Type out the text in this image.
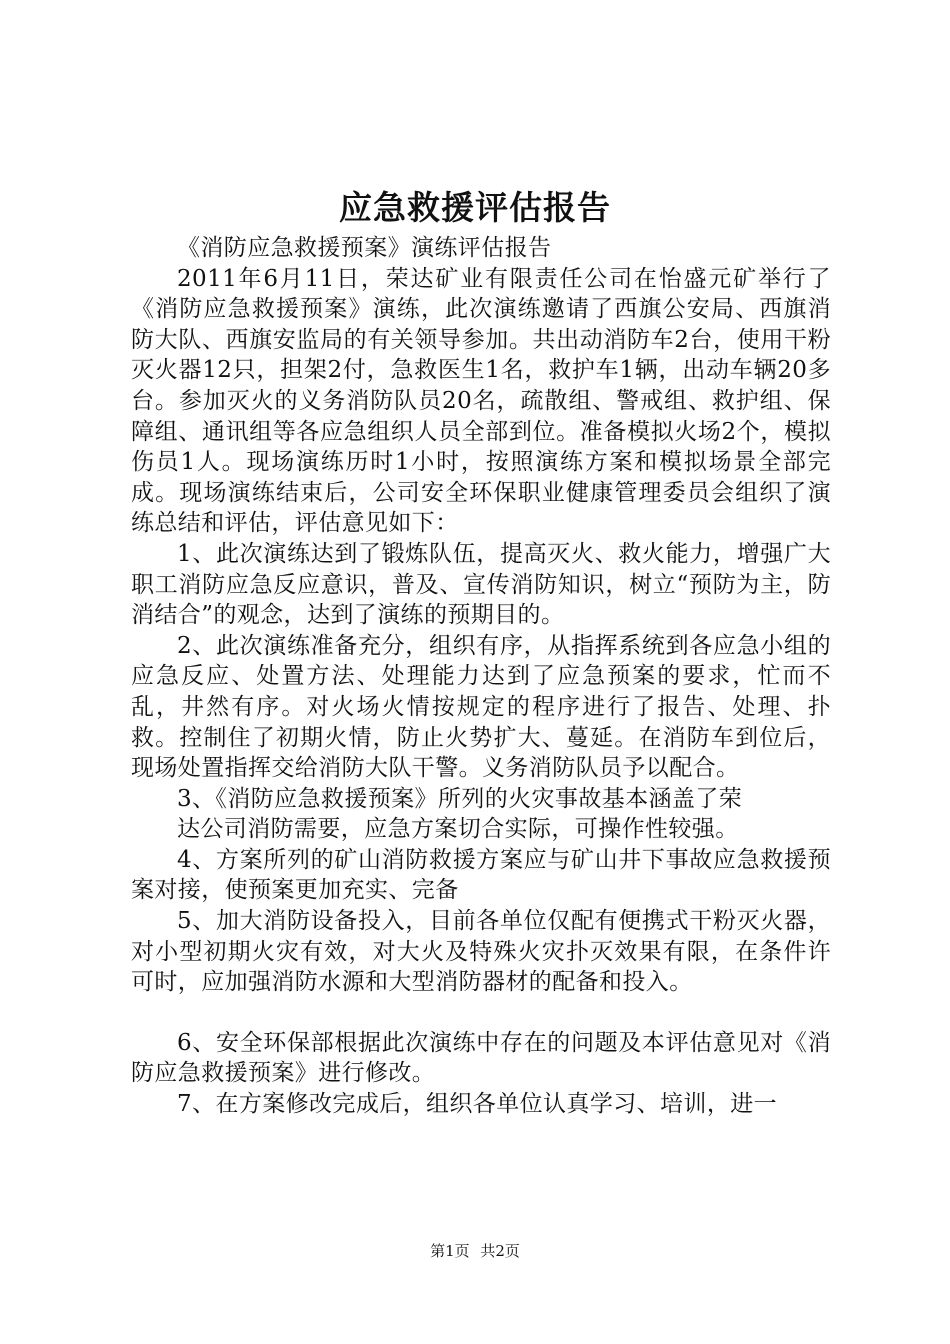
应急救援评估报告

《消防应急救援预案》演练评估报告

2011年6月11日，荣达矿业有限责任公司在怡盛元矿举行了《消防应急救援预案》演练，此次演练邀请了西旗公安局、西旗消防大队、西旗安监局的有关领导参加。共出动消防车2台，使用干粉灭火器12只，担架2付，急救医生1名，救护车1辆，出动车辆20多台。参加灭火的义务消防队员20名，疏散组、警戒组、救护组、保障组、通讯组等各应急组织人员全部到位。准备模拟火场2个，模拟伤员1人。现场演练历时1小时，按照演练方案和模拟场景全部完成。现场演练结束后，公司安全环保职业健康管理委员会组织了演练总结和评估，评估意见如下：

1、此次演练达到了锻炼队伍，提高灭火、救火能力，增强广大职工消防应急反应意识，普及、宣传消防知识，树立“预防为主，防消结合”的观念，达到了演练的预期目的。

2、此次演练准备充分，组织有序，从指挥系统到各应急小组的应急反应、处置方法、处理能力达到了应急预案的要求，忙而不乱，井然有序。对火场火情按规定的程序进行了报告、处理、扑救。控制住了初期火情，防止火势扩大、蔓延。在消防车到位后，现场处置指挥交给消防大队干警。义务消防队员予以配合。

3、《消防应急救援预案》所列的火灾事故基本涵盖了荣

达公司消防需要，应急方案切合实际，可操作性较强。

4、方案所列的矿山消防救援方案应与矿山井下事故应急救援预案对接，使预案更加充实、完备

5、加大消防设备投入，目前各单位仅配有便携式干粉灭火器，对小型初期火灾有效，对大火及特殊火灾扑灭效果有限，在条件许可时，应加强消防水源和大型消防器材的配备和投入。

6、安全环保部根据此次演练中存在的问题及本评估意见对《消防应急救援预案》进行修改。

7、在方案修改完成后，组织各单位认真学习、培训，进一

第1页 共2页
